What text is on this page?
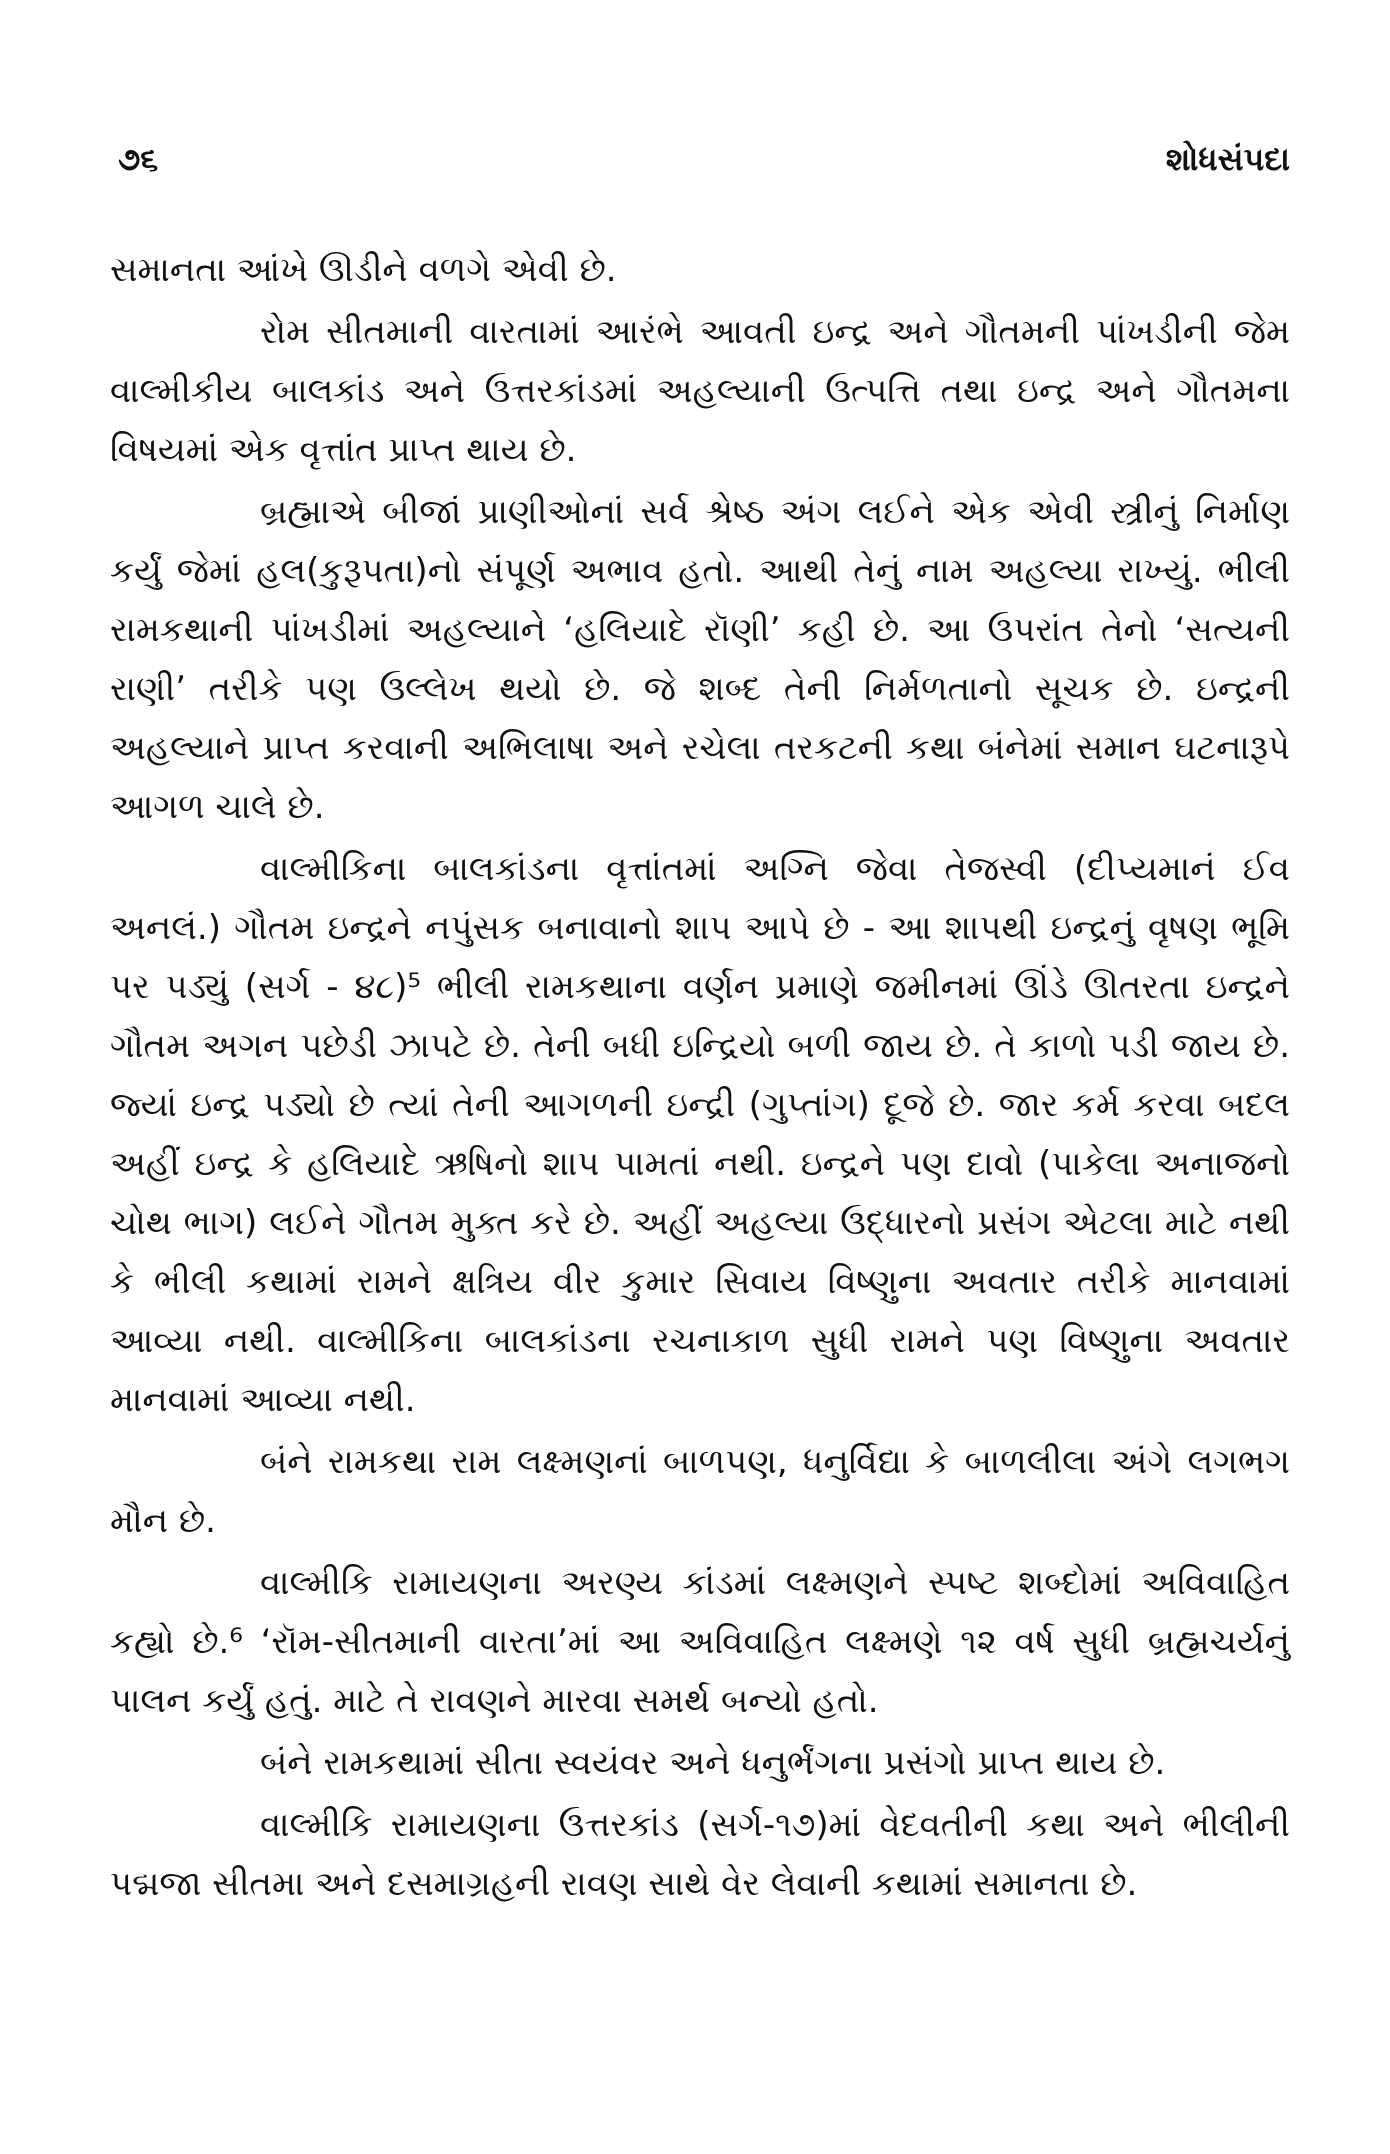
૭૬	શોધસંપદા

સમાનતા આંખે ઊડીને વળગે એવી છે.

રોમ સીતમાની વારતામાં આરંભે આવતી ઇન્દ્ર અને ગૌતમની પાંખડીની જેમ વાલ્મીકીય બાલકાંડ અને ઉત્તરકાંડમાં અહલ્યાની ઉત્પત્તિ તથા ઇન્દ્ર અને ગૌતમના વિષયમાં એક વૃત્તાંત પ્રાપ્ત થાય છે.

બ્રહ્માએ બીજાં પ્રાણીઓનાં સર્વ શ્રેષ્ઠ અંગ લઈને એક એવી સ્ત્રીનું નિર્માણ કર્યું જેમાં હલ(કુરૂપતા)નો સંપૂર્ણ અભાવ હતો. આથી તેનું નામ અહલ્યા રાખ્યું. ભીલી રામકથાની પાંખડીમાં અહલ્યાને ‘હલિયાદે રૉણી’ કહી છે. આ ઉપરાંત તેનો ‘સત્યની રાણી’ તરીકે પણ ઉલ્લેખ થયો છે. જે શબ્દ તેની નિર્મળતાનો સૂચક છે. ઇન્દ્રની અહલ્યાને પ્રાપ્ત કરવાની અભિલાષા અને રચેલા તરકટની કથા બંનેમાં સમાન ઘટનારૂપે આગળ ચાલે છે.

વાલ્મીકિના બાલકાંડના વૃત્તાંતમાં અગ્નિ જેવા તેજસ્વી (દીપ્યમાનં ઈવ અનલં.) ગૌતમ ઇન્દ્રને નપુંસક બનાવાનો શાપ આપે છે - આ શાપથી ઇન્દ્રનું વૃષણ ભૂમિ પર પડ્યું (સર્ગ - ૪૮)⁵ ભીલી રામકથાના વર્ણન પ્રમાણે જમીનમાં ઊંડે ઊતરતા ઇન્દ્રને ગૌતમ અગન પછેડી ઝાપટે છે. તેની બધી ઇન્દ્રિયો બળી જાય છે. તે કાળો પડી જાય છે. જ્યાં ઇન્દ્ર પડ્યો છે ત્યાં તેની આગળની ઇન્દ્રી (ગુપ્તાંગ) દૂજે છે. જાર કર્મ કરવા બદલ અહીં ઇન્દ્ર કે હલિયાદે ઋષિનો શાપ પામતાં નથી. ઇન્દ્રને પણ દાવો (પાકેલા અનાજનો ચોથ ભાગ) લઈને ગૌતમ મુક્ત કરે છે. અહીં અહલ્યા ઉદ્ધારનો પ્રસંગ એટલા માટે નથી કે ભીલી કથામાં રામને ક્ષત્રિય વીર કુમાર સિવાય વિષ્ણુના અવતાર તરીકે માનવામાં આવ્યા નથી. વાલ્મીકિના બાલકાંડના રચનાકાળ સુધી રામને પણ વિષ્ણુના અવતાર માનવામાં આવ્યા નથી.

બંને રામકથા રામ લક્ષ્મણનાં બાળપણ, ધનુર્વિદ્યા કે બાળલીલા અંગે લગભગ મૌન છે.

વાલ્મીકિ રામાયણના અરણ્ય કાંડમાં લક્ષ્મણને સ્પષ્ટ શબ્દોમાં અવિવાહિત કહ્યો છે.⁶ ‘રૉમ-સીતમાની વારતા’માં આ અવિવાહિત લક્ષ્મણે ૧૨ વર્ષ સુધી બ્રહ્મચર્યનું પાલન કર્યું હતું. માટે તે રાવણને મારવા સમર્થ બન્યો હતો.

બંને રામકથામાં સીતા સ્વયંવર અને ધનુર્ભંગના પ્રસંગો પ્રાપ્ત થાય છે.

વાલ્મીકિ રામાયણના ઉત્તરકાંડ (સર્ગ-૧૭)માં વેદવતીની કથા અને ભીલીની પદ્મજા સીતમા અને દસમાગ્રહની રાવણ સાથે વેર લેવાની કથામાં સમાનતા છે.
